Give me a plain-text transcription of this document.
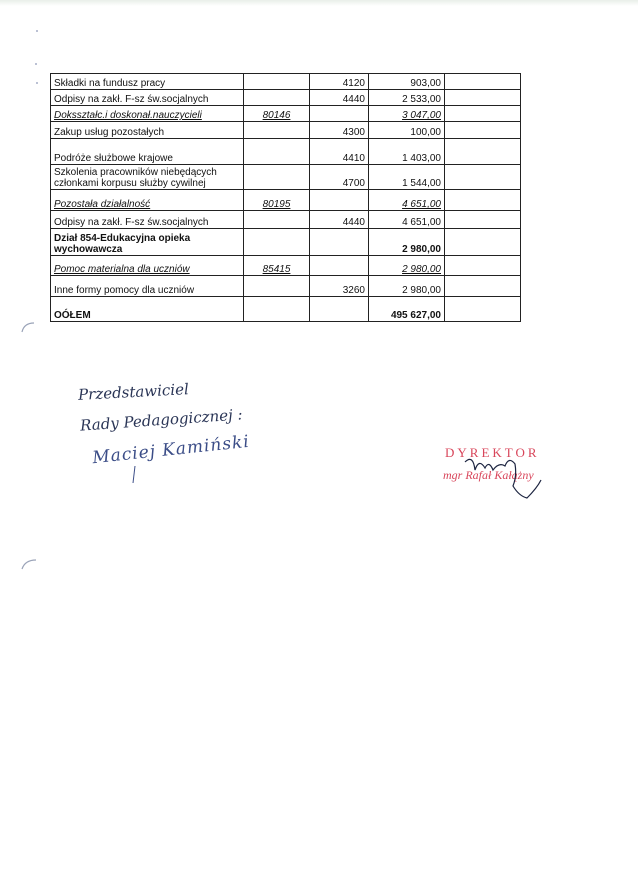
Składki na fundusz pracy		4120	903,00	
Odpisy na zakł. F-sz św.socjalnych		4440	2 533,00	
Doksształc.i doskonał.nauczycieli	80146		3 047,00	
Zakup usług pozostałych		4300	100,00	
Podróże służbowe krajowe		4410	1 403,00	
Szkolenia pracowników niebędących członkami korpusu służby cywilnej		4700	1 544,00	
Pozostała działalność	80195		4 651,00	
Odpisy na zakł. F-sz św.socjalnych		4440	4 651,00	
Dział 854-Edukacyjna opieka wychowawcza			2 980,00	
Pomoc materialna dla uczniów	85415		2 980,00	
Inne formy pomocy dla uczniów		3260	2 980,00	
OÓŁEM			495 627,00	
Przedstawiciel
Rady Pedagogicznej :
Maciej Kamiński	DYREKTOR
mgr Rafał Kałążny
